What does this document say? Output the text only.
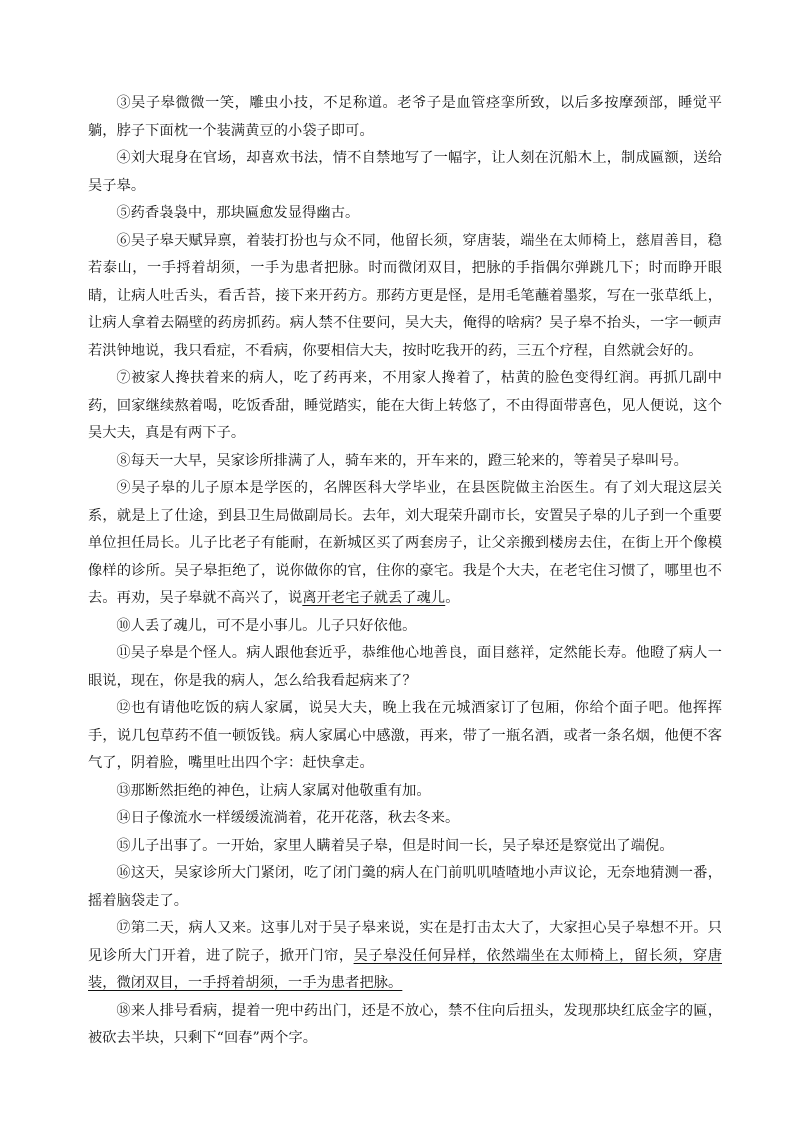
③吴子皋微微一笑，雕虫小技，不足称道。老爷子是血管痉挛所致，以后多按摩颈部，睡觉平躺，脖子下面枕一个装满黄豆的小袋子即可。

④刘大琨身在官场，却喜欢书法，情不自禁地写了一幅字，让人刻在沉船木上，制成匾额，送给吴子皋。

⑤药香袅袅中，那块匾愈发显得幽古。

⑥吴子皋天赋异禀，着装打扮也与众不同，他留长须，穿唐装，端坐在太师椅上，慈眉善目，稳若泰山，一手捋着胡须，一手为患者把脉。时而微闭双目，把脉的手指偶尔弹跳几下；时而睁开眼睛，让病人吐舌头，看舌苔，接下来开药方。那药方更是怪，是用毛笔蘸着墨浆，写在一张草纸上，让病人拿着去隔壁的药房抓药。病人禁不住要问，吴大夫，俺得的啥病？吴子皋不抬头，一字一顿声若洪钟地说，我只看症，不看病，你要相信大夫，按时吃我开的药，三五个疗程，自然就会好的。

⑦被家人搀扶着来的病人，吃了药再来，不用家人搀着了，枯黄的脸色变得红润。再抓几副中药，回家继续熬着喝，吃饭香甜，睡觉踏实，能在大街上转悠了，不由得面带喜色，见人便说，这个吴大夫，真是有两下子。

⑧每天一大早，吴家诊所排满了人，骑车来的，开车来的，蹬三轮来的，等着吴子皋叫号。

⑨吴子皋的儿子原本是学医的，名牌医科大学毕业，在县医院做主治医生。有了刘大琨这层关系，就是上了仕途，到县卫生局做副局长。去年，刘大琨荣升副市长，安置吴子皋的儿子到一个重要单位担任局长。儿子比老子有能耐，在新城区买了两套房子，让父亲搬到楼房去住，在街上开个像模像样的诊所。吴子皋拒绝了，说你做你的官，住你的豪宅。我是个大夫，在老宅住习惯了，哪里也不去。再劝，吴子皋就不高兴了，说离开老宅子就丢了魂儿。

⑩人丢了魂儿，可不是小事儿。儿子只好依他。

⑪吴子皋是个怪人。病人跟他套近乎，恭维他心地善良，面目慈祥，定然能长寿。他瞪了病人一眼说，现在，你是我的病人，怎么给我看起病来了？

⑫也有请他吃饭的病人家属，说吴大夫，晚上我在元城酒家订了包厢，你给个面子吧。他挥挥手，说几包草药不值一顿饭钱。病人家属心中感激，再来，带了一瓶名酒，或者一条名烟，他便不客气了，阴着脸，嘴里吐出四个字：赶快拿走。

⑬那断然拒绝的神色，让病人家属对他敬重有加。

⑭日子像流水一样缓缓流淌着，花开花落，秋去冬来。

⑮儿子出事了。一开始，家里人瞒着吴子皋，但是时间一长，吴子皋还是察觉出了端倪。

⑯这天，吴家诊所大门紧闭，吃了闭门羹的病人在门前叽叽喳喳地小声议论，无奈地猜测一番，摇着脑袋走了。

⑰第二天，病人又来。这事儿对于吴子皋来说，实在是打击太大了，大家担心吴子皋想不开。只见诊所大门开着，进了院子，掀开门帘，吴子皋没任何异样，依然端坐在太师椅上，留长须，穿唐装，微闭双目，一手捋着胡须，一手为患者把脉。

⑱来人排号看病，提着一兜中药出门，还是不放心，禁不住向后扭头，发现那块红底金字的匾，被砍去半块，只剩下“回春”两个字。
